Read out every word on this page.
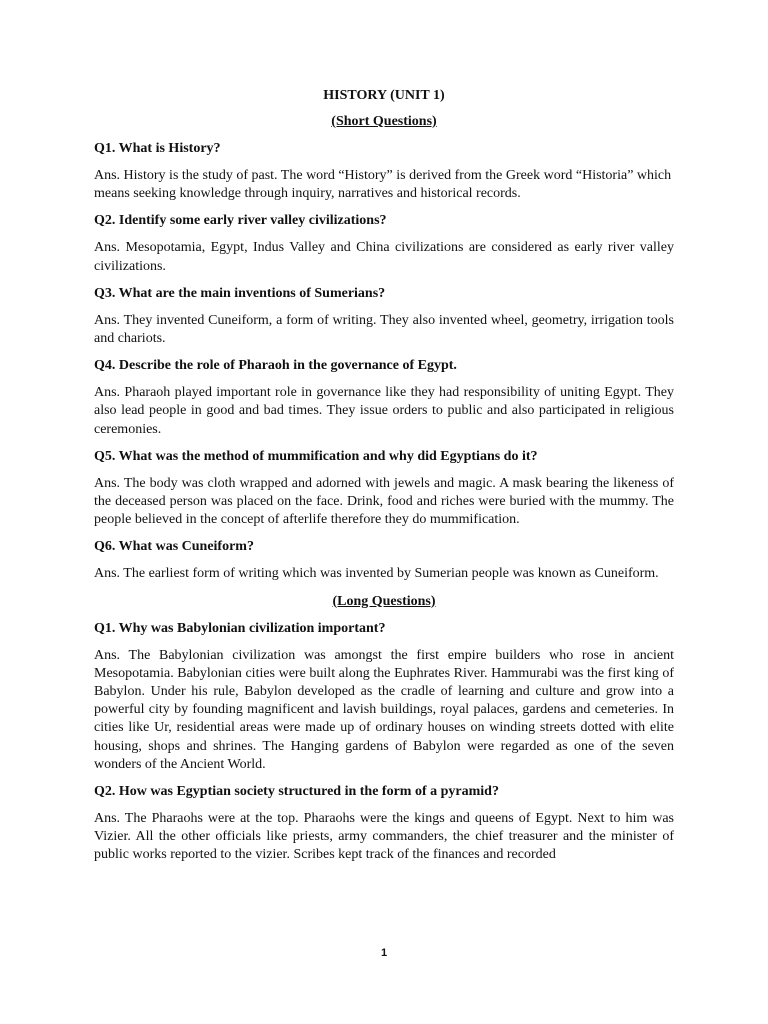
HISTORY (UNIT 1)
(Short Questions)
Q1. What is History?
Ans. History is the study of past. The word “History” is derived from the Greek word “Historia” which means seeking knowledge through inquiry, narratives and historical records.
Q2. Identify some early river valley civilizations?
Ans. Mesopotamia, Egypt, Indus Valley and China civilizations are considered as early river valley civilizations.
Q3. What are the main inventions of Sumerians?
Ans. They invented Cuneiform, a form of writing. They also invented wheel, geometry, irrigation tools and chariots.
Q4. Describe the role of Pharaoh in the governance of Egypt.
Ans. Pharaoh played important role in governance like they had responsibility of uniting Egypt. They also lead people in good and bad times. They issue orders to public and also participated in religious ceremonies.
Q5. What was the method of mummification and why did Egyptians do it?
Ans. The body was cloth wrapped and adorned with jewels and magic. A mask bearing the likeness of the deceased person was placed on the face. Drink, food and riches were buried with the mummy. The people believed in the concept of afterlife therefore they do mummification.
Q6. What was Cuneiform?
Ans. The earliest form of writing which was invented by Sumerian people was known as Cuneiform.
(Long Questions)
Q1. Why was Babylonian civilization important?
Ans. The Babylonian civilization was amongst the first empire builders who rose in ancient Mesopotamia. Babylonian cities were built along the Euphrates River. Hammurabi was the first king of Babylon. Under his rule, Babylon developed as the cradle of learning and culture and grow into a powerful city by founding magnificent and lavish buildings, royal palaces, gardens and cemeteries. In cities like Ur, residential areas were made up of ordinary houses on winding streets dotted with elite housing, shops and shrines. The Hanging gardens of Babylon were regarded as one of the seven wonders of the Ancient World.
Q2. How was Egyptian society structured in the form of a pyramid?
Ans. The Pharaohs were at the top. Pharaohs were the kings and queens of Egypt. Next to him was Vizier. All the other officials like priests, army commanders, the chief treasurer and the minister of public works reported to the vizier. Scribes kept track of the finances and recorded
1
